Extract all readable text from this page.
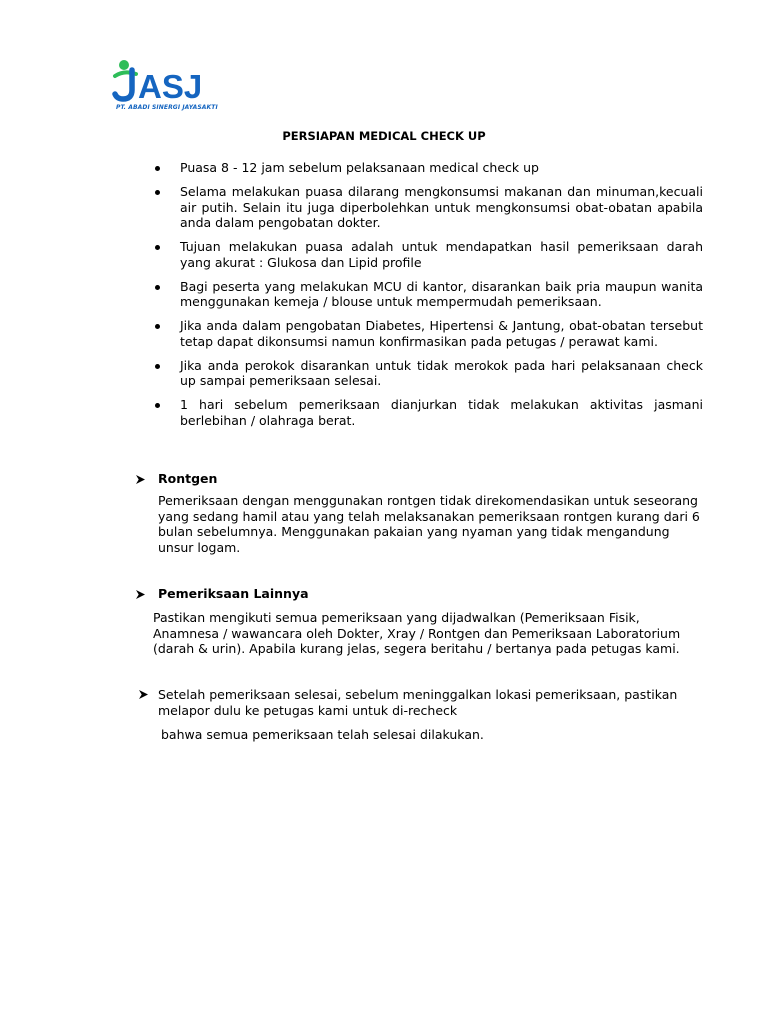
ASJ
PT. ABADI SINERGI JAYASAKTI
PERSIAPAN MEDICAL CHECK UP
Puasa 8 - 12 jam sebelum pelaksanaan medical check up
Selama melakukan puasa dilarang mengkonsumsi makanan dan minuman,kecuali air putih. Selain itu juga diperbolehkan untuk mengkonsumsi obat-obatan apabila anda dalam pengobatan dokter.
Tujuan melakukan puasa adalah untuk mendapatkan hasil pemeriksaan darah yang akurat : Glukosa dan Lipid profile
Bagi peserta yang melakukan MCU di kantor, disarankan baik pria maupun wanita menggunakan kemeja / blouse untuk mempermudah pemeriksaan.
Jika anda dalam pengobatan Diabetes, Hipertensi & Jantung, obat-obatan tersebut tetap dapat dikonsumsi namun konfirmasikan pada petugas / perawat kami.
Jika anda perokok disarankan untuk tidak merokok pada hari pelaksanaan check up sampai pemeriksaan selesai.
1 hari sebelum pemeriksaan dianjurkan tidak melakukan aktivitas jasmani berlebihan / olahraga berat.
Rontgen

Pemeriksaan dengan menggunakan rontgen tidak direkomendasikan untuk seseorang yang sedang hamil atau yang telah melaksanakan pemeriksaan rontgen kurang dari 6 bulan sebelumnya. Menggunakan pakaian yang nyaman yang tidak mengandung unsur logam.

Pemeriksaan Lainnya

Pastikan mengikuti semua pemeriksaan yang dijadwalkan (Pemeriksaan Fisik, Anamnesa / wawancara oleh Dokter, Xray / Rontgen dan Pemeriksaan Laboratorium (darah & urin). Apabila kurang jelas, segera beritahu / bertanya pada petugas kami.

Setelah pemeriksaan selesai, sebelum meninggalkan lokasi pemeriksaan, pastikan melapor dulu ke petugas kami untuk di-recheck

bahwa semua pemeriksaan telah selesai dilakukan.
